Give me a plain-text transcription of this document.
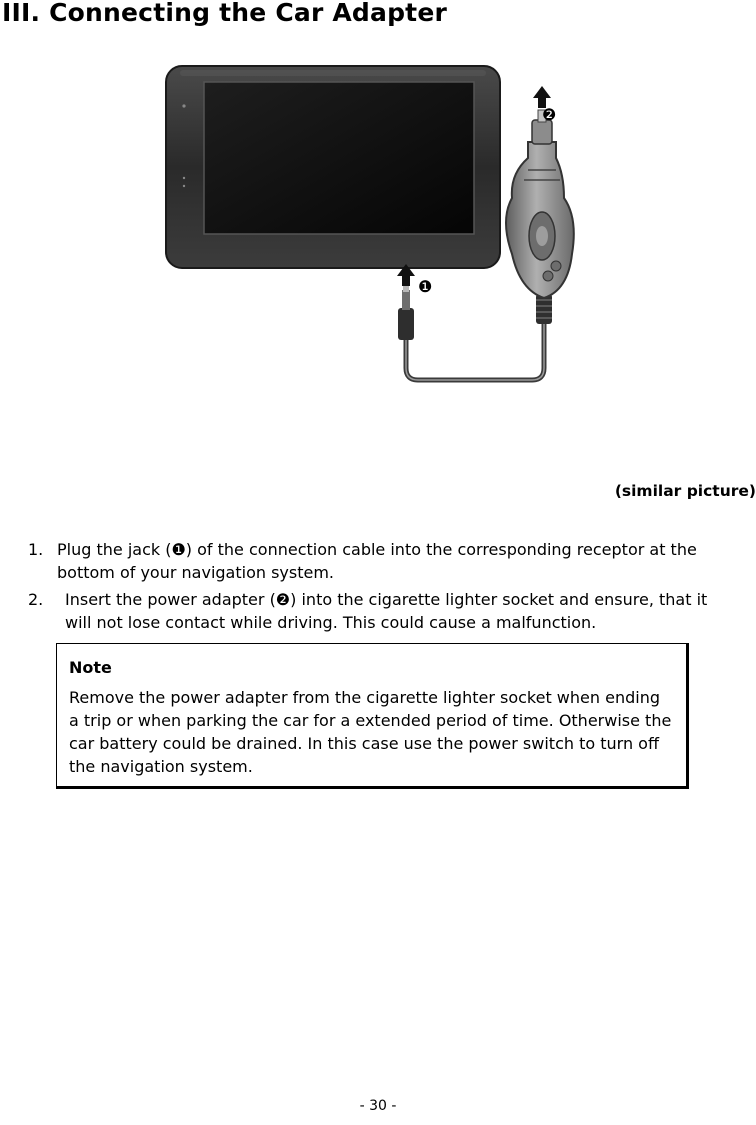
III. Connecting the Car Adapter
❶
❷
(similar picture)
1. Plug the jack (❶) of the connection cable into the corresponding receptor at the bottom of your navigation system.
2. Insert the power adapter (❷) into the cigarette lighter socket and ensure, that it will not lose contact while driving. This could cause a malfunction.
Note
Remove the power adapter from the cigarette lighter socket when ending a trip or when parking the car for a extended period of time. Otherwise the car battery could be drained. In this case use the power switch to turn off the navigation system.
- 30 -
